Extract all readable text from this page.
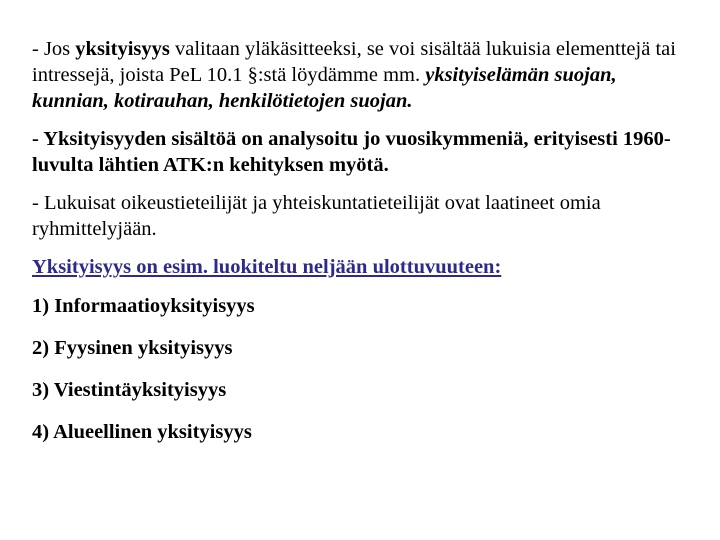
- Jos yksityisyys valitaan yläkäsitteeksi, se voi sisältää lukuisia elementtejä tai intressejä, joista PeL 10.1 §:stä löydämme mm. yksityiselämän suojan, kunnian, kotirauhan, henkilötietojen suojan.

- Yksityisyyden sisältöä on analysoitu jo vuosikymmeniä, erityisesti 1960-luvulta lähtien ATK:n kehityksen myötä.

- Lukuisat oikeustieteilijät ja yhteiskuntatieteilijät ovat laatineet omia ryhmittelyjään.

Yksityisyys on esim. luokiteltu neljään ulottuvuuteen:

1) Informaatioyksityisyys

2) Fyysinen yksityisyys

3) Viestintäyksityisyys

4) Alueellinen yksityisyys
